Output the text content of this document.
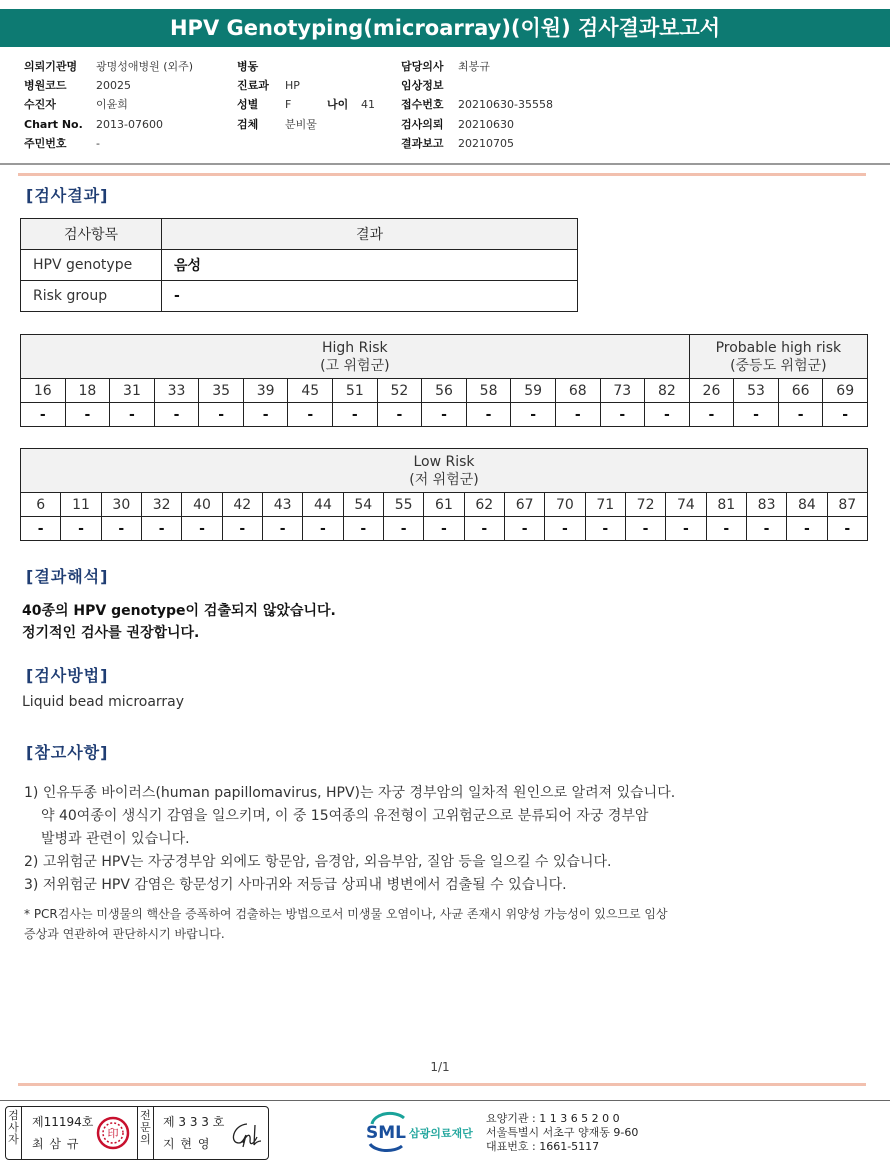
HPV Genotyping(microarray)(이원) 검사결과보고서
의뢰기관명 광명성애병원 (외주)
병원코드	20025
수진자	이윤희
Chart No. 2013-07600
주민번호	-
병동
진료과 HP
성별 F	나이 41
검체 분비물
담당의사 최봉규
임상정보
접수번호 20210630-35558
검사의뢰 20210630
결과보고 20210705
[검사결과]
검사항목	결과
HPV genotype	음성
Risk group	-
High Risk
(고 위험군)															Probable high risk
(중등도 위험군)			
16	18	31	33	35	39	45	51	52	56	58	59	68	73	82	26	53	66	69
-	-	-	-	-	-	-	-	-	-	-	-	-	-	-	-	-	-	-
Low Risk
(저 위험군)																				
6	11	30	32	40	42	43	44	54	55	61	62	67	70	71	72	74	81	83	84	87
-	-	-	-	-	-	-	-	-	-	-	-	-	-	-	-	-	-	-	-	-
[결과해석]
40종의 HPV genotype이 검출되지 않았습니다.
정기적인 검사를 권장합니다.
[검사방법]
Liquid bead microarray
[참고사항]
1) 인유두종 바이러스(human papillomavirus, HPV)는 자궁 경부암의 일차적 원인으로 알려져 있습니다.
약 40여종이 생식기 감염을 일으키며, 이 중 15여종의 유전형이 고위험군으로 분류되어 자궁 경부암
발병과 관련이 있습니다.
2) 고위험군 HPV는 자궁경부암 외에도 항문암, 음경암, 외음부암, 질암 등을 일으킬 수 있습니다.
3) 저위험군 HPV 감염은 항문성기 사마귀와 저등급 상피내 병변에서 검출될 수 있습니다.
* PCR검사는 미생물의 핵산을 증폭하여 검출하는 방법으로서 미생물 오염이나, 사균 존재시 위양성 가능성이 있으므로 임상
증상과 연관하여 판단하시기 바랍니다.
1/1
검사자
제11194호
최 삼 규
印
전문의
제 3 3 3 호
지 현 영
SML 삼광의료재단
요양기관 : 1 1 3 6 5 2 0 0
서울특별시 서초구 양재동 9-60
대표번호 : 1661-5117
